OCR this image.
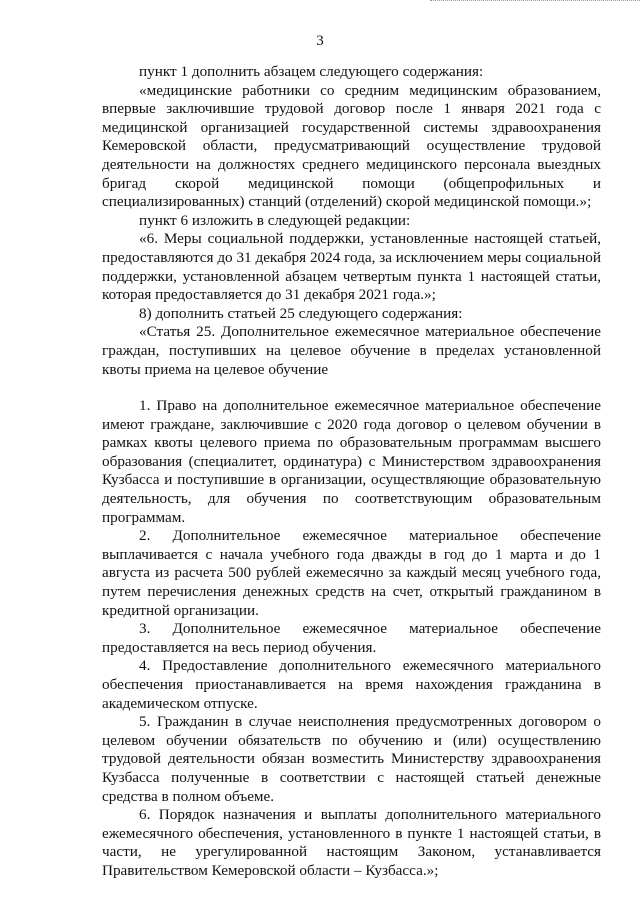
3

пункт 1 дополнить абзацем следующего содержания:

«медицинские работники со средним медицинским образованием, впервые заключившие трудовой договор после 1 января 2021 года с медицинской организацией государственной системы здравоохранения Кемеровской области, предусматривающий осуществление трудовой деятельности на должностях среднего медицинского персонала выездных бригад скорой медицинской помощи (общепрофильных и специализированных) станций (отделений) скорой медицинской помощи.»;

пункт 6 изложить в следующей редакции:

«6. Меры социальной поддержки, установленные настоящей статьей, предоставляются до 31 декабря 2024 года, за исключением меры социальной поддержки, установленной абзацем четвертым пункта 1 настоящей статьи, которая предоставляется до 31 декабря 2021 года.»;

8) дополнить статьей 25 следующего содержания:

«Статья 25. Дополнительное ежемесячное материальное обеспечение граждан, поступивших на целевое обучение в пределах установленной квоты приема на целевое обучение

1. Право на дополнительное ежемесячное материальное обеспечение имеют граждане, заключившие с 2020 года договор о целевом обучении в рамках квоты целевого приема по образовательным программам высшего образования (специалитет, ординатура) с Министерством здравоохранения Кузбасса и поступившие в организации, осуществляющие образовательную деятельность, для обучения по соответствующим образовательным программам.

2. Дополнительное ежемесячное материальное обеспечение выплачивается с начала учебного года дважды в год до 1 марта и до 1 августа из расчета 500 рублей ежемесячно за каждый месяц учебного года, путем перечисления денежных средств на счет, открытый гражданином в кредитной организации.

3. Дополнительное ежемесячное материальное обеспечение предоставляется на весь период обучения.

4. Предоставление дополнительного ежемесячного материального обеспечения приостанавливается на время нахождения гражданина в академическом отпуске.

5. Гражданин в случае неисполнения предусмотренных договором о целевом обучении обязательств по обучению и (или) осуществлению трудовой деятельности обязан возместить Министерству здравоохранения Кузбасса полученные в соответствии с настоящей статьей денежные средства в полном объеме.

6. Порядок назначения и выплаты дополнительного материального ежемесячного обеспечения, установленного в пункте 1 настоящей статьи, в части, не урегулированной настоящим Законом, устанавливается Правительством Кемеровской области – Кузбасса.»;
